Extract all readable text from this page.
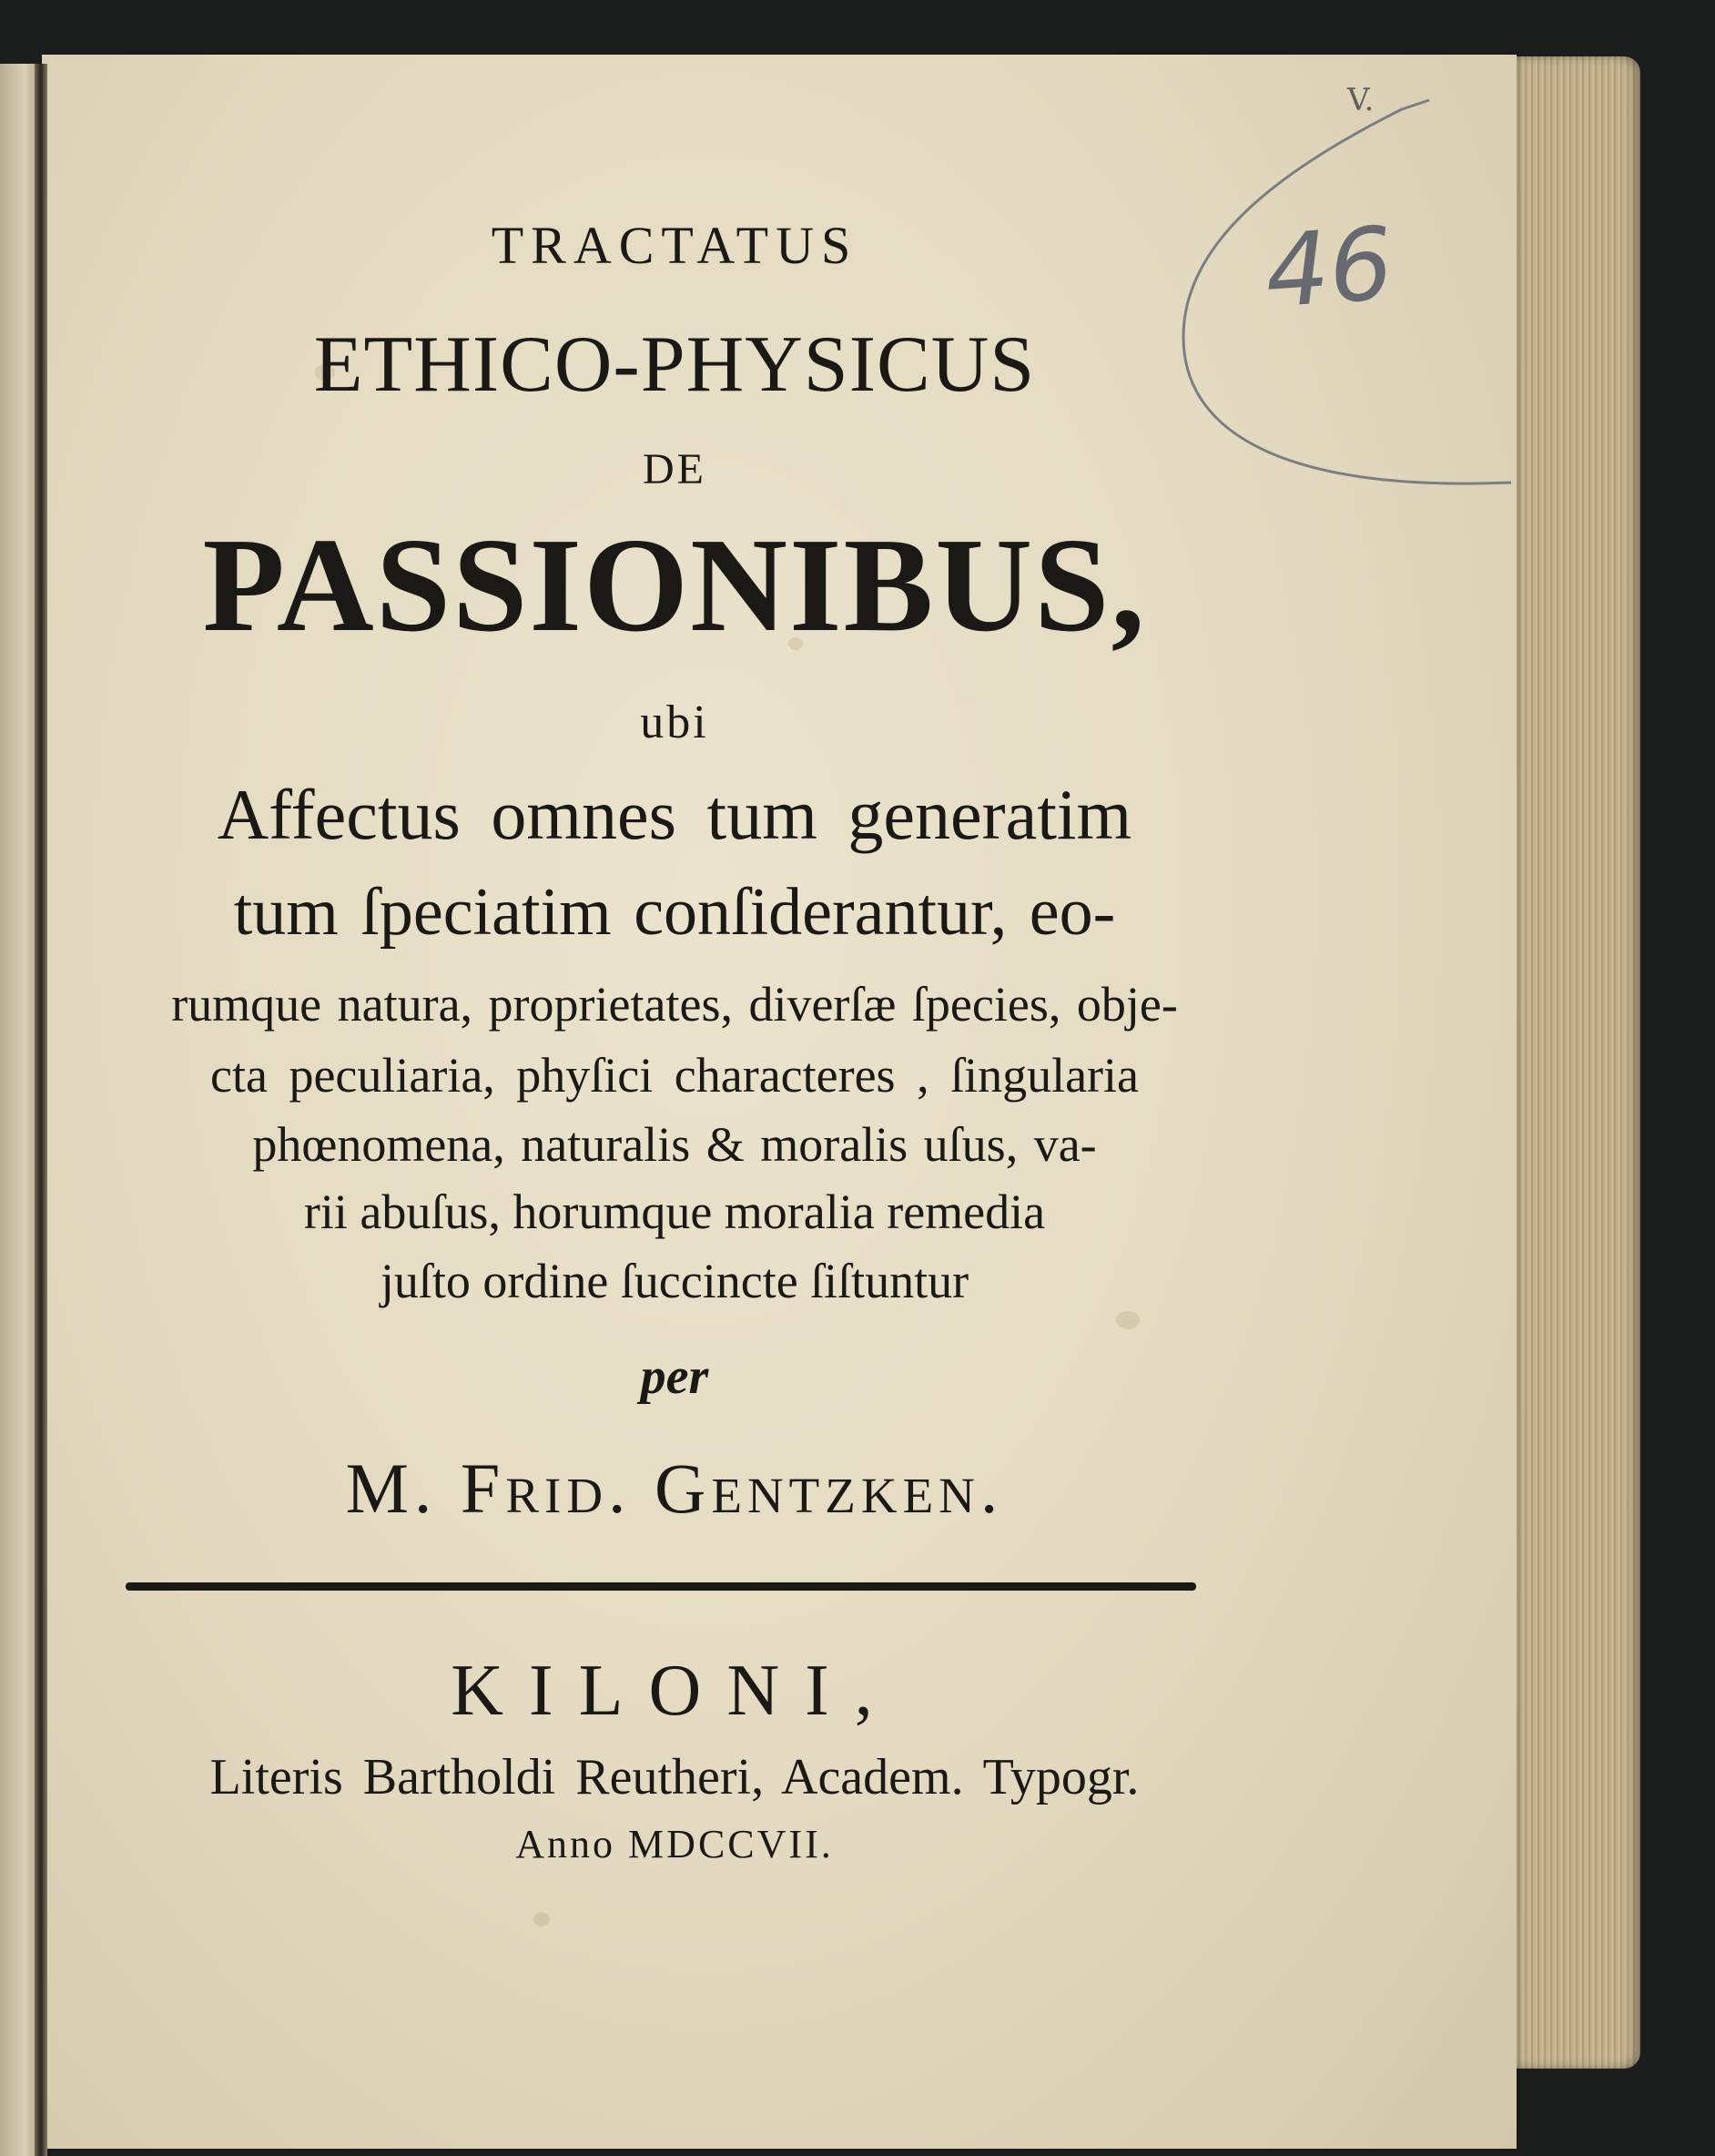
TRACTATUS
ETHICO-PHYSICUS
DE
PASSIONIBUS,
ubi
Affectus omnes tum generatim
tum ſpeciatim conſiderantur, eo-
rumque natura, proprietates, diverſæ ſpecies, obje-
cta peculiaria, phyſici characteres , ſingularia
phœnomena, naturalis & moralis uſus, va-
rii abuſus, horumque moralia remedia
juſto ordine ſuccincte ſiſtuntur
per
M. Frid. Gentzken.
KILONI,
Literis Bartholdi Reutheri, Academ. Typogr.
Anno MDCCVII.
46
V.
